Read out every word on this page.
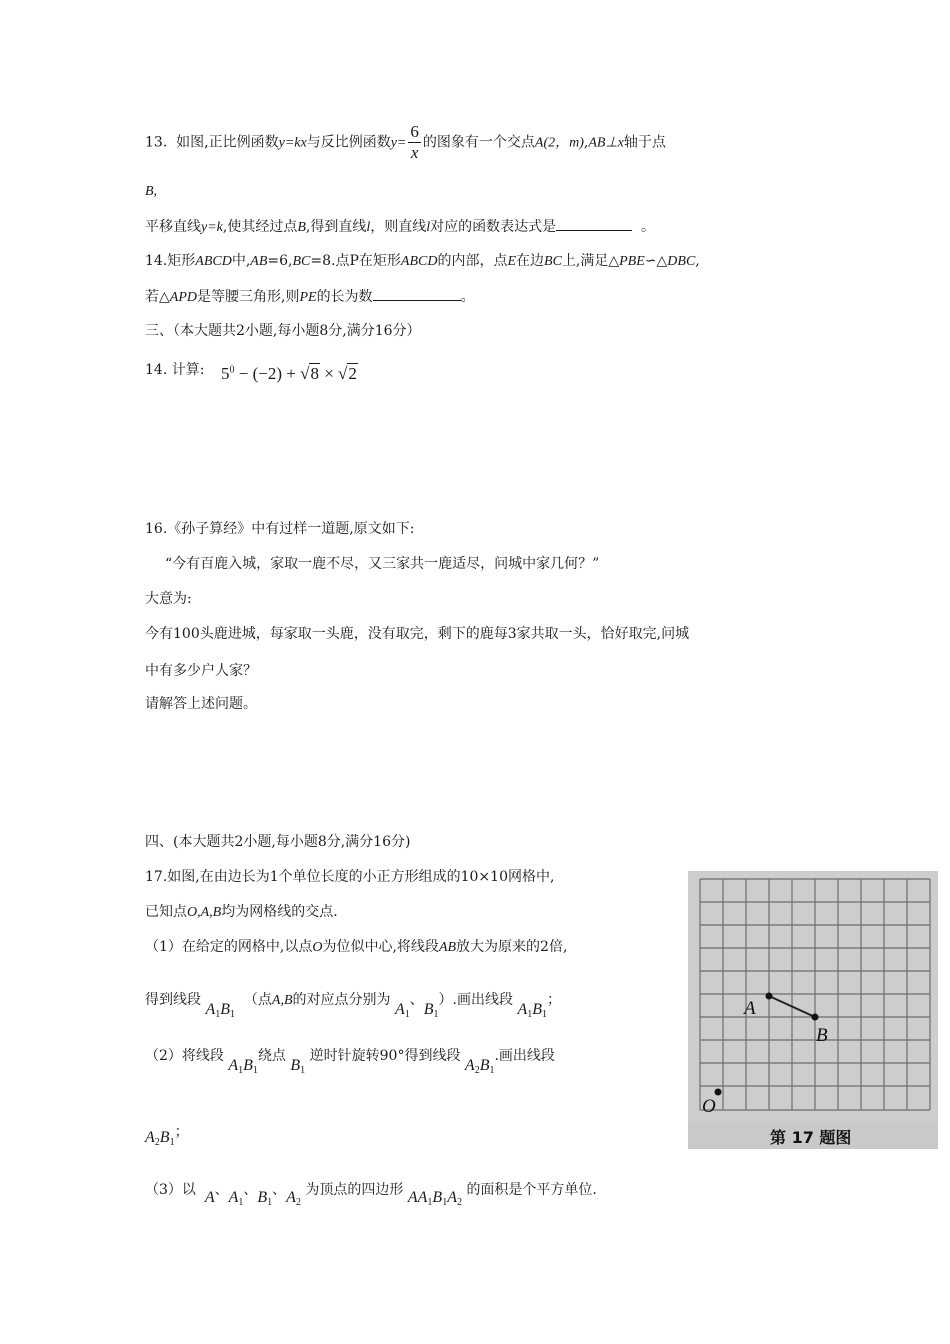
13. 如图,正比例函数y=kx与反比例函数$y= \frac{6}{x}$ 的图象有一个交点A(2，m),AB⊥x轴于点
B,
平移直线y=k,使其经过点B,得到直线l，则直线l对应的函数表达式是	。
14.矩形ABCD中,AB=6,BC=8.点P在矩形ABCD的内部，点E在边BC上,满足△PBE∽△DBC,
若△APD是等腰三角形,则PE的长为数	。
三、（本大题共2小题,每小题8分,满分16分）
14. 计算: $5^0 - (-2) + √8 \times √2$
16.《孙子算经》中有过样一道题,原文如下:
“今有百鹿入城，家取一鹿不尽，又三家共一鹿适尽，问城中家几何？”
大意为:
今有100头鹿进城，每家取一头鹿，没有取完，剩下的鹿每3家共取一头，恰好取完,问城
中有多少户人家？
请解答上述问题。
四、(本大题共2小题,每小题8分,满分16分)
17.如图,在由边长为1个单位长度的小正方形组成的10×10网格中,
已知点O,A,B均为网格线的交点.
（1）在给定的网格中,以点O为位似中心,将线段AB放大为原来的2倍,
得到线段 $A_1B_1$  （点A,B的对应点分别为 $A_1$、$B_1$）.画出线段 $A_1B_1$；
（2）将线段 $A_1B_1$绕点 $B_1$ 逆时针旋转90°得到线段 $A_2B_1$.画出线段
$A_2B_1$；
（3）以 A、$A_1$、$B_1$、$A_2$ 为顶点的四边形 $AA_1B_1A_2$ 的面积是个平方单位.
A
B
O
第 17 题图
